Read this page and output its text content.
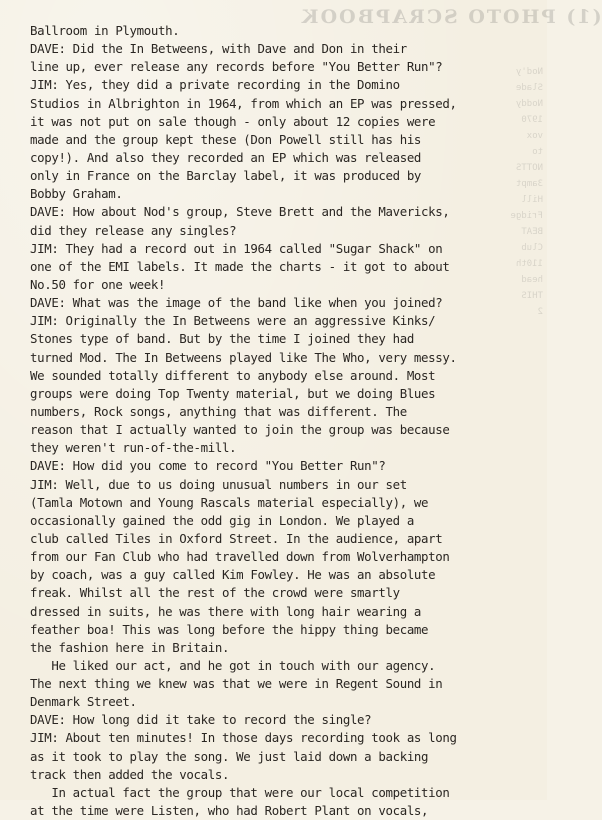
(1) PHOTO SCRAPBOOK
Nod'y
Slade
Noddy
1970
vox
to
NOTTS
3ampt
Hill
Fridge
BEAT
Club
110th
head
THIS
2
Ballroom in Plymouth.
DAVE: Did the In Betweens, with Dave and Don in their
line up, ever release any records before "You Better Run"?
JIM: Yes, they did a private recording in the Domino
Studios in Albrighton in 1964, from which an EP was pressed,
it was not put on sale though - only about 12 copies were
made and the group kept these (Don Powell still has his
copy!). And also they recorded an EP which was released
only in France on the Barclay label, it was produced by
Bobby Graham.
DAVE: How about Nod's group, Steve Brett and the Mavericks,
did they release any singles?
JIM: They had a record out in 1964 called "Sugar Shack" on
one of the EMI labels. It made the charts - it got to about
No.50 for one week!
DAVE: What was the image of the band like when you joined?
JIM: Originally the In Betweens were an aggressive Kinks/
Stones type of band. But by the time I joined they had
turned Mod. The In Betweens played like The Who, very messy.
We sounded totally different to anybody else around. Most
groups were doing Top Twenty material, but we doing Blues
numbers, Rock songs, anything that was different. The
reason that I actually wanted to join the group was because
they weren't run-of-the-mill.
DAVE: How did you come to record "You Better Run"?
JIM: Well, due to us doing unusual numbers in our set
(Tamla Motown and Young Rascals material especially), we
occasionally gained the odd gig in London. We played a
club called Tiles in Oxford Street. In the audience, apart
from our Fan Club who had travelled down from Wolverhampton
by coach, was a guy called Kim Fowley. He was an absolute
freak. Whilst all the rest of the crowd were smartly
dressed in suits, he was there with long hair wearing a
feather boa! This was long before the hippy thing became
the fashion here in Britain.
He liked our act, and he got in touch with our agency.
The next thing we knew was that we were in Regent Sound in
Denmark Street.
DAVE: How long did it take to record the single?
JIM: About ten minutes! In those days recording took as long
as it took to play the song. We just laid down a backing
track then added the vocals.
In actual fact the group that were our local competition
at the time were Listen, who had Robert Plant on vocals,
